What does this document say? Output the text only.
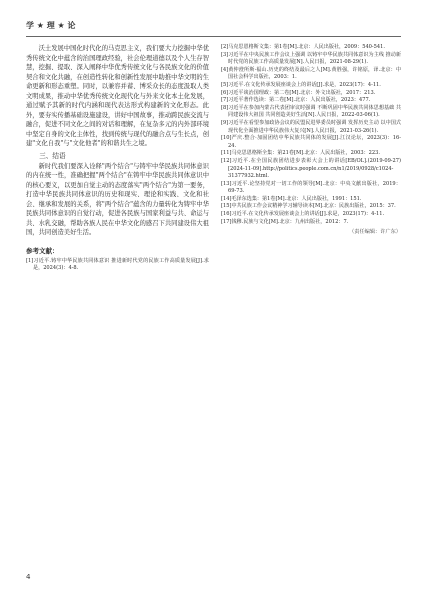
学 ★ 理 ★ 论

沃土发展中国化时代化的马克思主义，我们要大力挖掘中华优秀传统文化中蕴含的治国理政经验，社会伦理道德以及个人生存智慧，挖掘、提取、深入阐释中华优秀传统文化与各民族文化的价值契合和文化共融，在创造性转化和创新性发展中助推中华文明的生命更新和形态重塑。同时，以兼容并蓄、博采众长的态度汲取人类文明成果，推动中华优秀传统文化现代化与外来文化本土化发展，通过赋予其新的时代内涵和现代表达形式构建新的文化形态。此外，要夯实传播基础设施建设，讲好中国故事，推动跨民族交流与融合，促进不同文化之间的对话和理解，在复杂多元的内外部环境中坚定自身的文化主体性，找到传统与现代的融合点与生长点，创建"文化自我"与"文化他者"的和谐共生之境。

三、结语

新时代我们要深入诠释"两个结合"与铸牢中华民族共同体意识的内在统一性，准确把握"两个结合"在铸牢中华民族共同体意识中的核心要义，以更加自觉主动的态度落实"两个结合"为第一要务，打造中华民族共同体意识的历史和现实、理论和实践、文化和社会、继承和发展的关系，将"两个结合"蕴含的力量转化为铸牢中华民族共同体意识的自觉行动，促进各民族与国家利益与共、命运与共、水乳交融，帮助各族人民在中华文化的感召下共同建设伟大祖国，共同创造美好生活。

参考文献：
[1]习近平.铸牢中华民族共同体意识 推进新时代党的民族工作高质量发展[J].求是，2024(3)：4-8.
[2]马克思恩格斯文集：第1卷[M].北京：人民出版社，2009：540-541.
[3]习近平在中央民族工作会议上强调 以铸牢中华民族共同体意识为主线 推动新时代党的民族工作高质量发展[N].人民日报，2021-08-29(1).
[4]黄仲澄所斯·福山.历史的终结及最后之人[M].黄胜强，许铭原，译.北京：中国社会科学出版社，2003：1.
[5]习近平.在文化传承发展座谈会上的讲话[J].求是，2023(17)：4-11.
[6]习近平谈治国理政：第二卷[M].北京：外文出版社，2017：213.
[7]习近平著作选读：第二卷[M].北京：人民出版社，2023：477.
[8]习近平在参加内蒙古代表团审议时强调 不断巩固中华民族共同体思想基础 共同建设伟大祖国 共同创造美好生活[N].人民日报，2022-03-06(1).
[9]习近平在看望参加政协会议的民盟民进界委员时强调 发挥历史主动 以中国式现代化全面推进中华民族伟大复兴[N].人民日报，2021-03-26(1).
[10]严庆.整合·加固团结中华民族共同体的发展[J].江汉论坛，2023(3)：16-24.
[11]马克思恩格斯全集：第21卷[M].北京：人民出版社，2003：223.
[12]习近平.在全国民族团结进步表彰大会上的讲话[EB/OL].(2019-09-27)[2024-11-09].http://politics.people.com.cn/n1/2019/0928/c1024-31377932.html.
[13]习近平.论坚持党对一切工作的领导[M].北京：中央文献出版社，2019：69-73.
[14]毛泽东选集：第1卷[M].北京：人民出版社，1991：151.
[15]中共民族工作会议精神学习辅导读本[M].北京：民族出版社，2015：37.
[16]习近平.在文化传承发展座谈会上的讲话[J].求是，2023(17)：4-11.
[17]钱穆.民族与文化[M].北京：九州出版社，2012：7.
（责任编辑：许广东）
4
